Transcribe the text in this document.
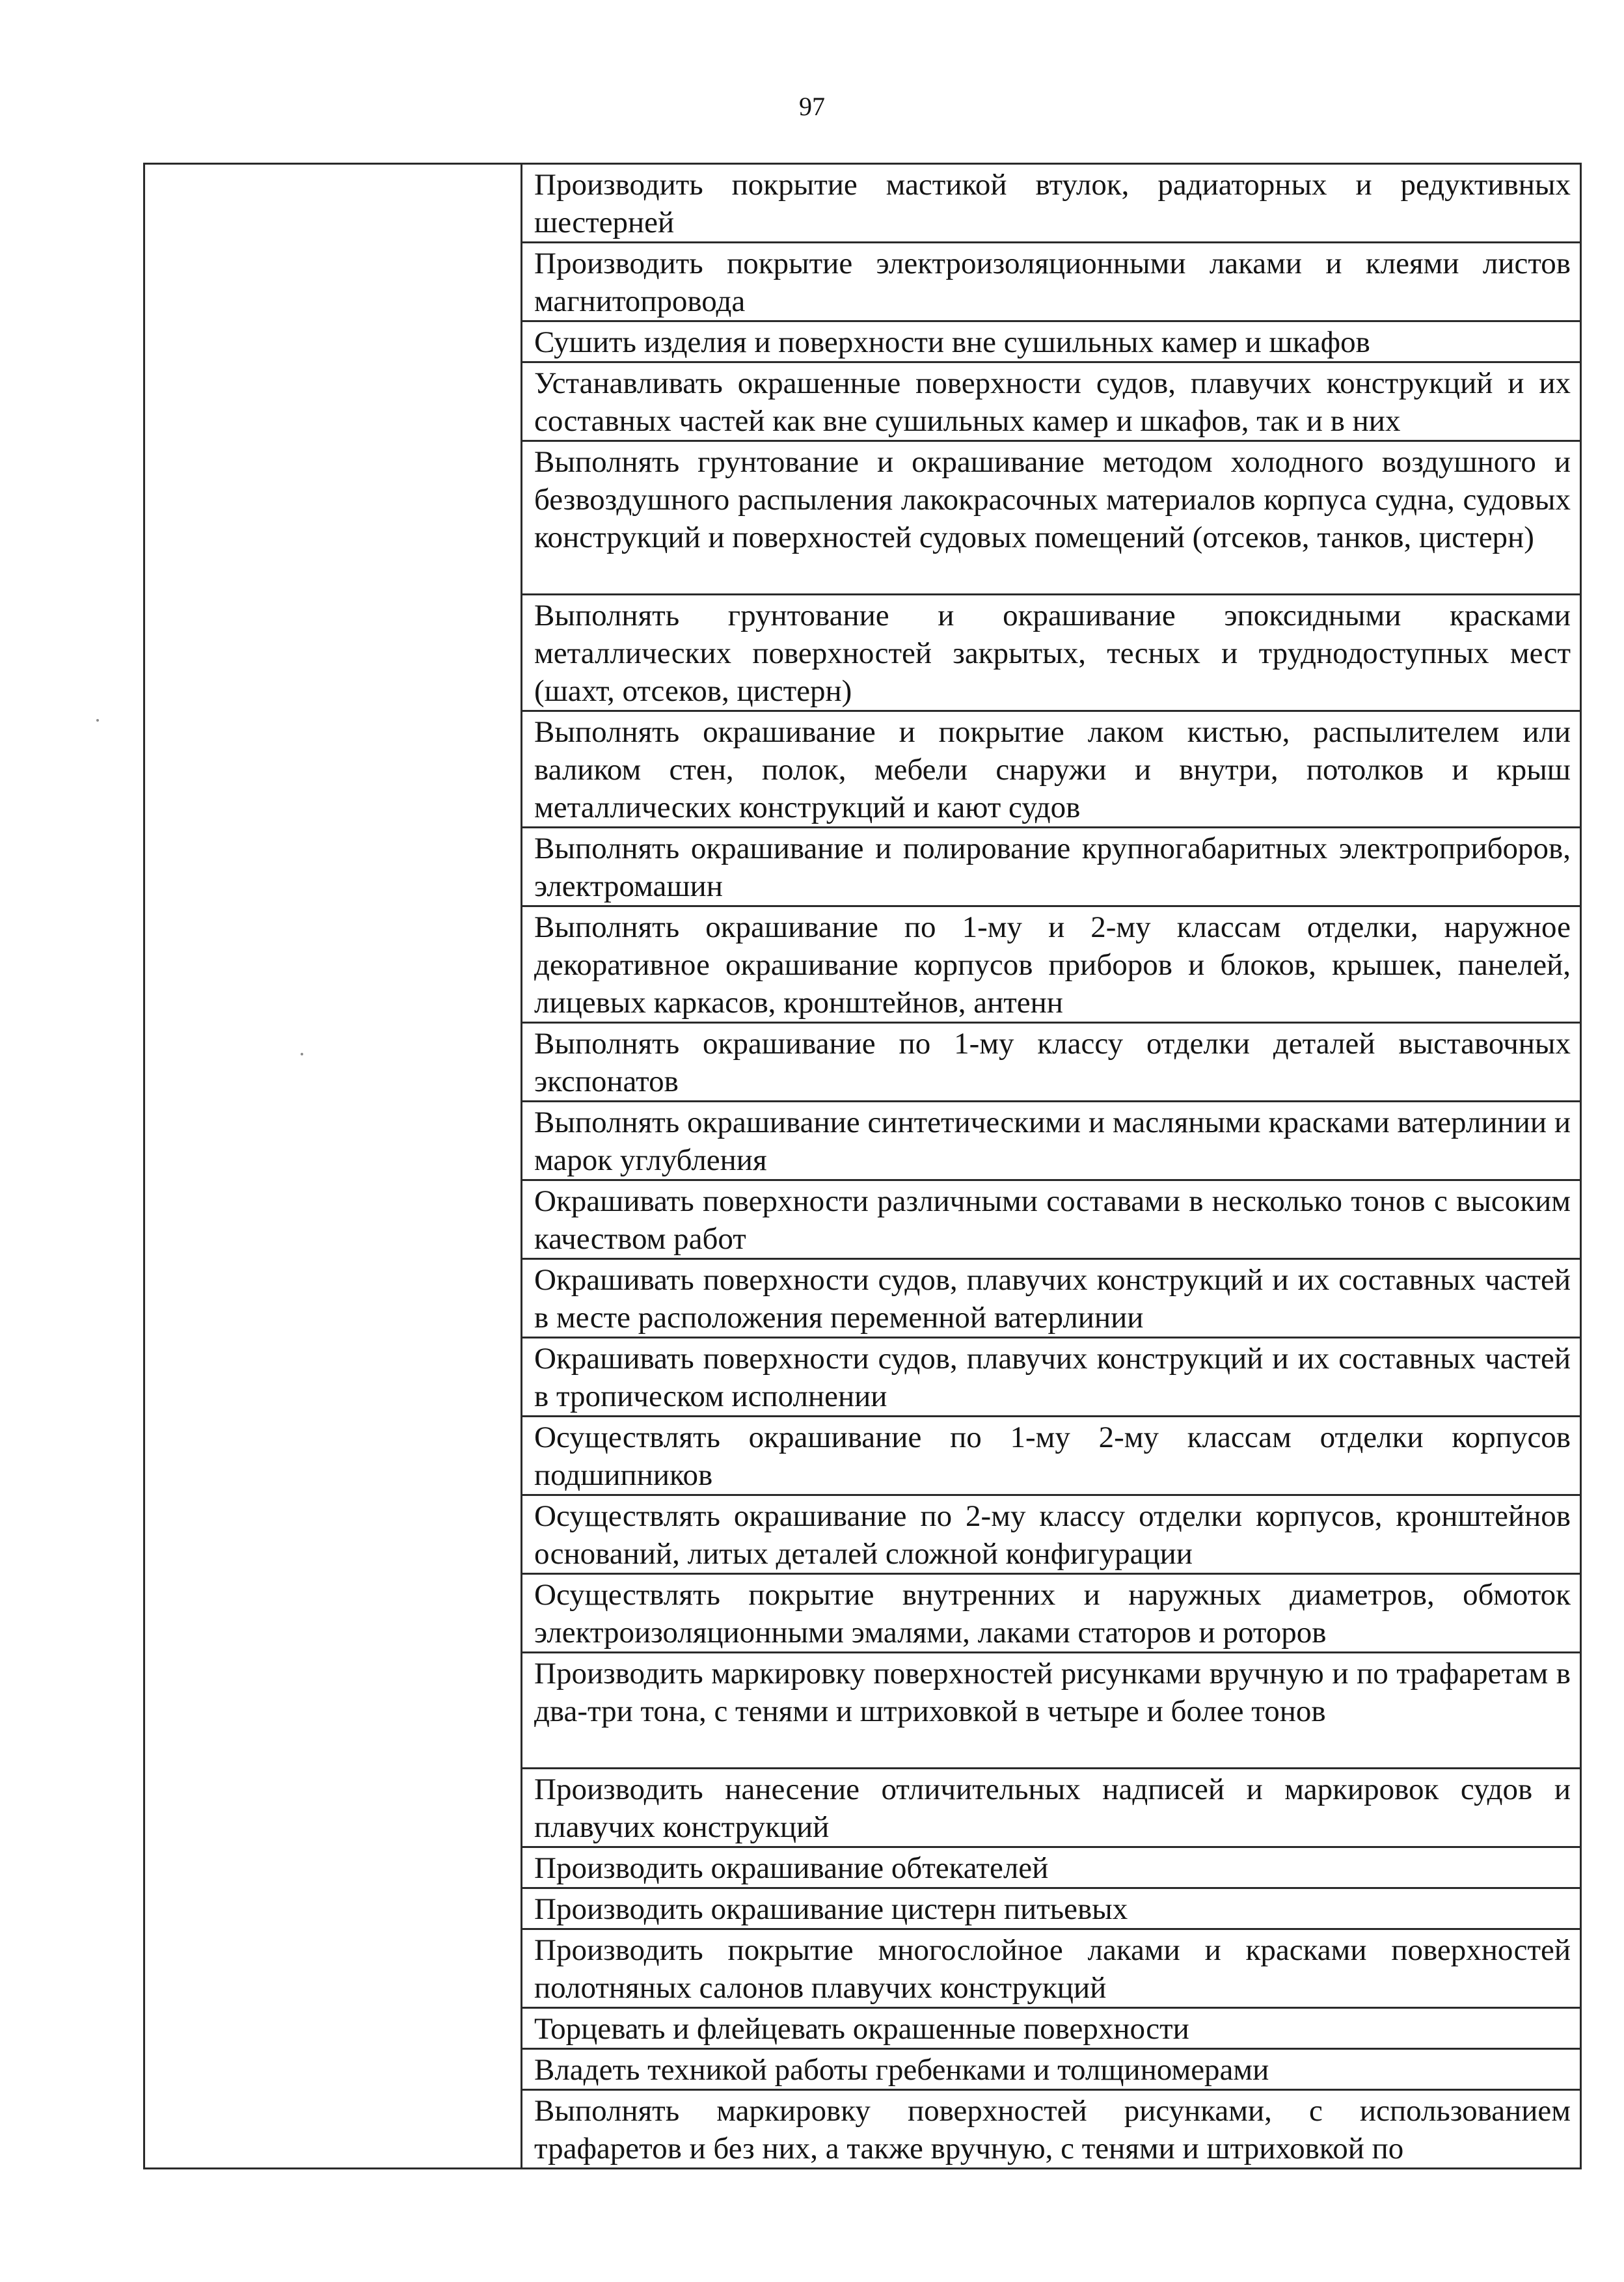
97
	Производить покрытие мастикой втулок, радиаторных и редуктивных шестерней
Производить покрытие электроизоляционными лаками и клеями листов магнитопровода
Сушить изделия и поверхности вне сушильных камер и шкафов
Устанавливать окрашенные поверхности судов, плавучих конструкций и их составных частей как вне сушильных камер и шкафов, так и в них
Выполнять грунтование и окрашивание методом холодного воздушного и безвоздушного распыления лакокрасочных материалов корпуса судна, судовых конструкций и поверхностей судовых помещений (отсеков, танков, цистерн)
Выполнять грунтование и окрашивание эпоксидными красками металлических поверхностей закрытых, тесных и труднодоступных мест (шахт, отсеков, цистерн)
Выполнять окрашивание и покрытие лаком кистью, распылителем или валиком стен, полок, мебели снаружи и внутри, потолков и крыш металлических конструкций и кают судов
Выполнять окрашивание и полирование крупногабаритных электроприборов, электромашин
Выполнять окрашивание по 1-му и 2-му классам отделки, наружное декоративное окрашивание корпусов приборов и блоков, крышек, панелей, лицевых каркасов, кронштейнов, антенн
Выполнять окрашивание по 1-му классу отделки деталей выставочных экспонатов
Выполнять окрашивание синтетическими и масляными красками ватерлинии и марок углубления
Окрашивать поверхности различными составами в несколько тонов с высоким качеством работ
Окрашивать поверхности судов, плавучих конструкций и их составных частей в месте расположения переменной ватерлинии
Окрашивать поверхности судов, плавучих конструкций и их составных частей в тропическом исполнении
Осуществлять окрашивание по 1-му 2-му классам отделки корпусов подшипников
Осуществлять окрашивание по 2-му классу отделки корпусов, кронштейнов оснований, литых деталей сложной конфигурации
Осуществлять покрытие внутренних и наружных диаметров, обмоток электроизоляционными эмалями, лаками статоров и роторов
Производить маркировку поверхностей рисунками вручную и по трафаретам в два-три тона, с тенями и штриховкой в четыре и более тонов
Производить нанесение отличительных надписей и маркировок судов и плавучих конструкций
Производить окрашивание обтекателей
Производить окрашивание цистерн питьевых
Производить покрытие многослойное лаками и красками поверхностей полотняных салонов плавучих конструкций
Торцевать и флейцевать окрашенные поверхности
Владеть техникой работы гребенками и толщиномерами
Выполнять маркировку поверхностей рисунками, с использованием трафаретов и без них, а также вручную, с тенями и штриховкой по
